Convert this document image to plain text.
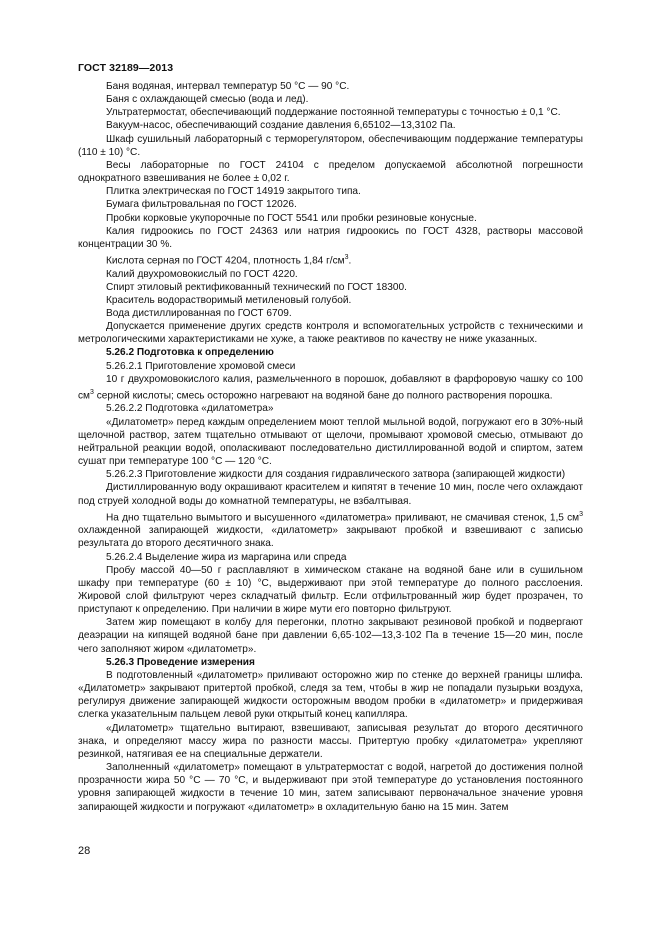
ГОСТ 32189—2013

Баня водяная, интервал температур 50 °C — 90 °C.

Баня с охлаждающей смесью (вода и лед).

Ультратермостат, обеспечивающий поддержание постоянной температуры с точностью ± 0,1 °C.

Вакуум-насос, обеспечивающий создание давления 6,65102—13,3102 Па.

Шкаф сушильный лабораторный с терморегулятором, обеспечивающим поддержание температуры (110 ± 10) °C.

Весы лабораторные по ГОСТ 24104 с пределом допускаемой абсолютной погрешности однократного взвешивания не более ± 0,02 г.

Плитка электрическая по ГОСТ 14919 закрытого типа.

Бумага фильтровальная по ГОСТ 12026.

Пробки корковые укупорочные по ГОСТ 5541 или пробки резиновые конусные.

Калия гидроокись по ГОСТ 24363 или натрия гидроокись по ГОСТ 4328, растворы массовой концентрации 30 %.

Кислота серная по ГОСТ 4204, плотность 1,84 $г/см^3$.

Калий двухромовокислый по ГОСТ 4220.

Спирт этиловый ректификованный технический по ГОСТ 18300.

Краситель водорастворимый метиленовый голубой.

Вода дистиллированная по ГОСТ 6709.

Допускается применение других средств контроля и вспомогательных устройств с техническими и метрологическими характеристиками не хуже, а также реактивов по качеству не ниже указанных.

5.26.2 Подготовка к определению

5.26.2.1 Приготовление хромовой смеси

10 г двухромовокислого калия, размельченного в порошок, добавляют в фарфоровую чашку со 100 $см^3$ серной кислоты; смесь осторожно нагревают на водяной бане до полного растворения порошка.

5.26.2.2 Подготовка «дилатометра»

«Дилатометр» перед каждым определением моют теплой мыльной водой, погружают его в 30%-ный щелочной раствор, затем тщательно отмывают от щелочи, промывают хромовой смесью, отмывают до нейтральной реакции водой, ополаскивают последовательно дистиллированной водой и спиртом, затем сушат при температуре 100 °C — 120 °C.

5.26.2.3 Приготовление жидкости для создания гидравлического затвора (запирающей жидкости)

Дистиллированную воду окрашивают красителем и кипятят в течение 10 мин, после чего охлаждают под струей холодной воды до комнатной температуры, не взбалтывая.

На дно тщательно вымытого и высушенного «дилатометра» приливают, не смачивая стенок, 1,5 $см^3$ охлажденной запирающей жидкости, «дилатометр» закрывают пробкой и взвешивают с записью результата до второго десятичного знака.

5.26.2.4 Выделение жира из маргарина или спреда

Пробу массой 40—50 г расплавляют в химическом стакане на водяной бане или в сушильном шкафу при температуре (60 ± 10) °C, выдерживают при этой температуре до полного расслоения. Жировой слой фильтруют через складчатый фильтр. Если отфильтрованный жир будет прозрачен, то приступают к определению. При наличии в жире мути его повторно фильтруют.

Затем жир помещают в колбу для перегонки, плотно закрывают резиновой пробкой и подвергают деаэрации на кипящей водяной бане при давлении 6,65·102—13,3·102 Па в течение 15—20 мин, после чего заполняют жиром «дилатометр».

5.26.3 Проведение измерения

В подготовленный «дилатометр» приливают осторожно жир по стенке до верхней границы шлифа. «Дилатометр» закрывают притертой пробкой, следя за тем, чтобы в жир не попадали пузырьки воздуха, регулируя движение запирающей жидкости осторожным вводом пробки в «дилатометр» и придерживая слегка указательным пальцем левой руки открытый конец капилляра.

«Дилатометр» тщательно вытирают, взвешивают, записывая результат до второго десятичного знака, и определяют массу жира по разности массы. Притертую пробку «дилатометра» укрепляют резинкой, натягивая ее на специальные держатели.

Заполненный «дилатометр» помещают в ультратермостат с водой, нагретой до достижения полной прозрачности жира 50 °C — 70 °C, и выдерживают при этой температуре до установления постоянного уровня запирающей жидкости в течение 10 мин, затем записывают первоначальное значение уровня запирающей жидкости и погружают «дилатометр» в охладительную баню на 15 мин. Затем

28
